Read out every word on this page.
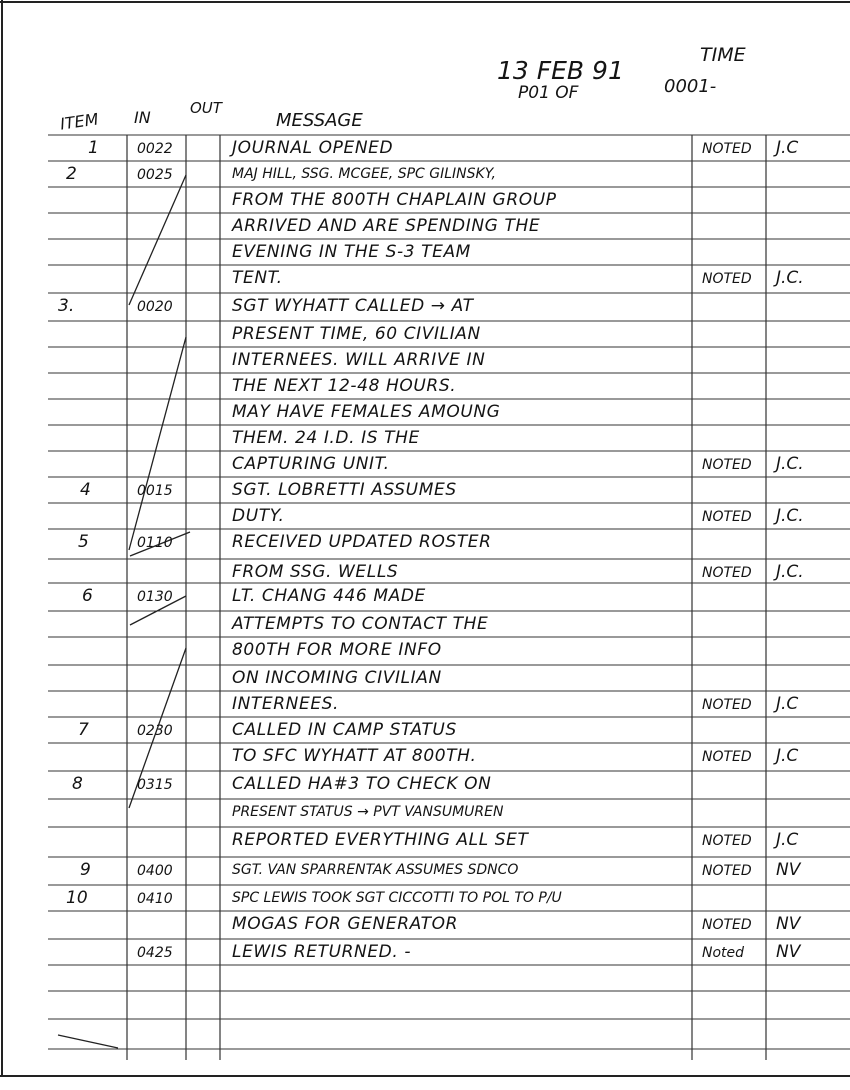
13 FEB 91
P01 OF
TIME
0001-
ITEM IN	OUT
MESSAGE
1	0022	JOURNAL OPENED	NOTED J.C
2	0025	MAJ HILL, SSG. MCGEE, SPC GILINSKY,
FROM THE 800TH CHAPLAIN GROUP
ARRIVED AND ARE SPENDING THE
EVENING IN THE S-3 TEAM
TENT.	NOTED J.C.
3.	0020	SGT WYHATT CALLED → AT
PRESENT TIME, 60 CIVILIAN
INTERNEES. WILL ARRIVE IN
THE NEXT 12-48 HOURS.
MAY HAVE FEMALES AMOUNG
THEM. 24 I.D. IS THE
CAPTURING UNIT.	NOTED J.C.
4	0015	SGT. LOBRETTI ASSUMES
DUTY.	NOTED J.C.
5	0110	RECEIVED UPDATED ROSTER
FROM SSG. WELLS	NOTED J.C.
6	0130	LT. CHANG 446 MADE
ATTEMPTS TO CONTACT THE
800TH FOR MORE INFO
ON INCOMING CIVILIAN
INTERNEES.	NOTED J.C
7	0230	CALLED IN CAMP STATUS
TO SFC WYHATT AT 800TH.	NOTED J.C
8	0315	CALLED HA#3 TO CHECK ON
PRESENT STATUS → PVT VANSUMUREN
REPORTED EVERYTHING ALL SET	NOTED J.C
9	0400	SGT. VAN SPARRENTAK ASSUMES SDNCO	NOTED NV
10	0410	SPC LEWIS TOOK SGT CICCOTTI TO POL TO P/U
MOGAS FOR GENERATOR	NOTED NV
0425	LEWIS RETURNED. -	Noted NV
